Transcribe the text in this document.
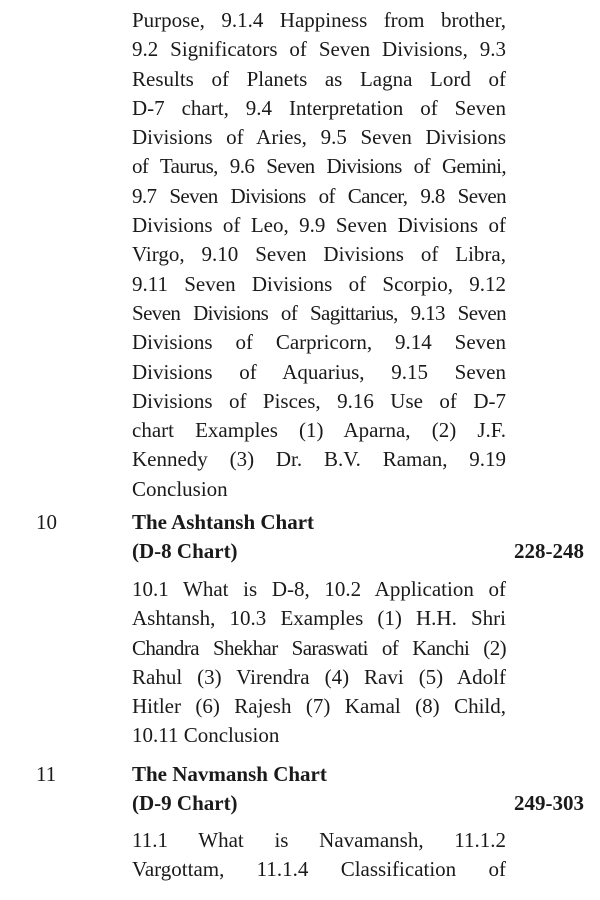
Purpose, 9.1.4 Happiness from brother,
9.2 Significators of Seven Divisions, 9.3
Results of Planets as Lagna Lord of
D-7 chart, 9.4 Interpretation of Seven
Divisions of Aries, 9.5 Seven Divisions
of Taurus, 9.6 Seven Divisions of Gemini,
9.7 Seven Divisions of Cancer, 9.8 Seven
Divisions of Leo, 9.9 Seven Divisions of
Virgo, 9.10 Seven Divisions of Libra,
9.11 Seven Divisions of Scorpio, 9.12
Seven Divisions of Sagittarius, 9.13 Seven
Divisions of Carpricorn, 9.14 Seven
Divisions of Aquarius, 9.15 Seven
Divisions of Pisces, 9.16 Use of D-7
chart Examples (1) Aparna, (2) J.F.
Kennedy (3) Dr. B.V. Raman, 9.19
Conclusion
10	The Ashtansh Chart
(D-8 Chart)	228-248
10.1 What is D-8, 10.2 Application of
Ashtansh, 10.3 Examples (1) H.H. Shri
Chandra Shekhar Saraswati of Kanchi (2)
Rahul (3) Virendra (4) Ravi (5) Adolf
Hitler (6) Rajesh (7) Kamal (8) Child,
10.11 Conclusion
11	The Navmansh Chart
(D-9 Chart)	249-303
11.1 What is Navamansh, 11.1.2
Vargottam, 11.1.4 Classification of
